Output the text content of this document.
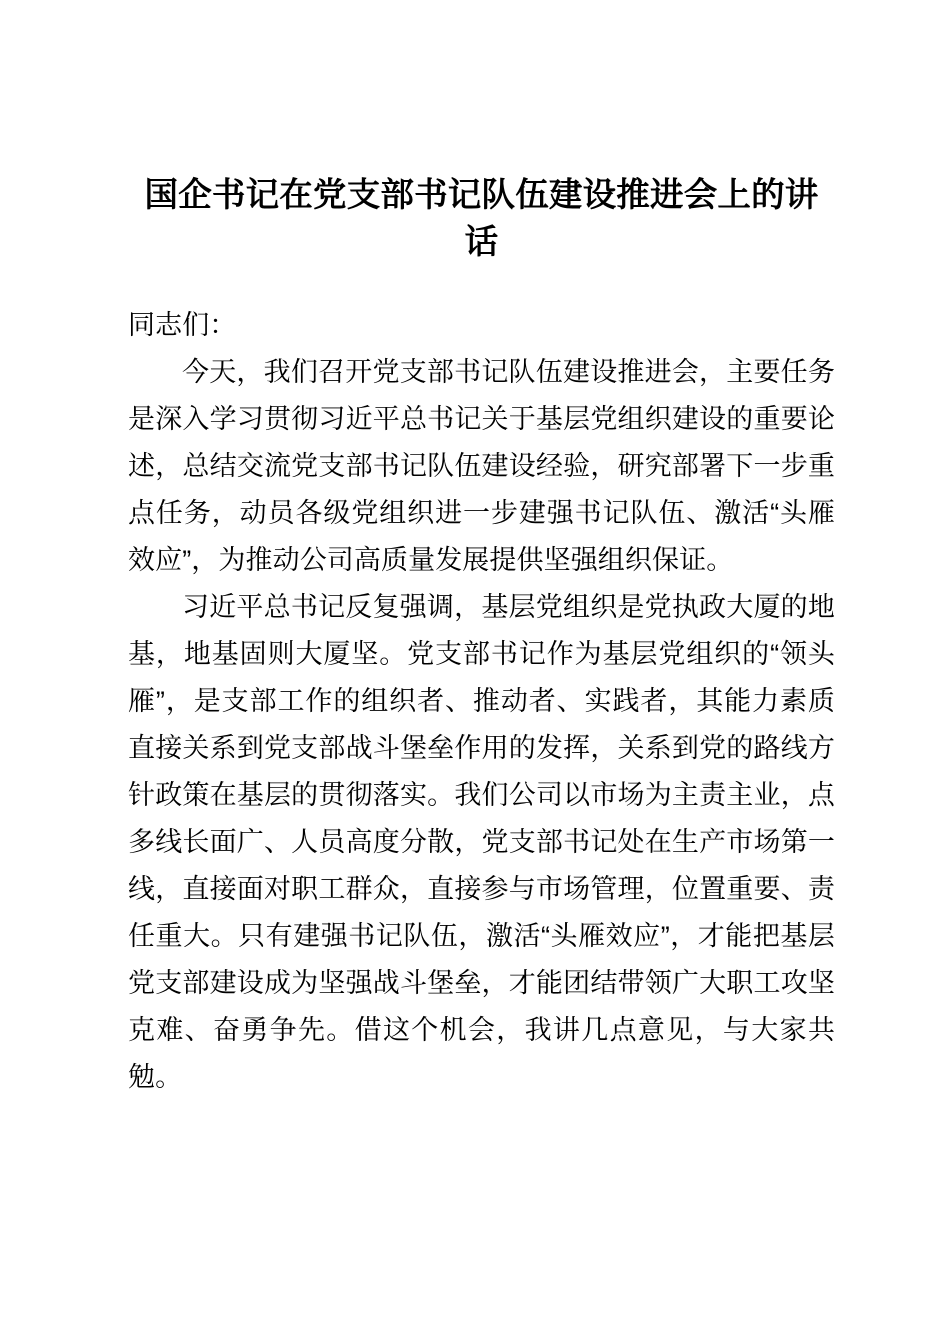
国企书记在党支部书记队伍建设推进会上的讲话

同志们：

今天，我们召开党支部书记队伍建设推进会，主要任务是深入学习贯彻习近平总书记关于基层党组织建设的重要论述，总结交流党支部书记队伍建设经验，研究部署下一步重点任务，动员各级党组织进一步建强书记队伍、激活“头雁效应”，为推动公司高质量发展提供坚强组织保证。

习近平总书记反复强调，基层党组织是党执政大厦的地基，地基固则大厦坚。党支部书记作为基层党组织的“领头雁”，是支部工作的组织者、推动者、实践者，其能力素质直接关系到党支部战斗堡垒作用的发挥，关系到党的路线方针政策在基层的贯彻落实。我们公司以市场为主责主业，点多线长面广、人员高度分散，党支部书记处在生产市场第一线，直接面对职工群众，直接参与市场管理，位置重要、责任重大。只有建强书记队伍，激活“头雁效应”，才能把基层党支部建设成为坚强战斗堡垒，才能团结带领广大职工攻坚克难、奋勇争先。借这个机会，我讲几点意见，与大家共勉。
